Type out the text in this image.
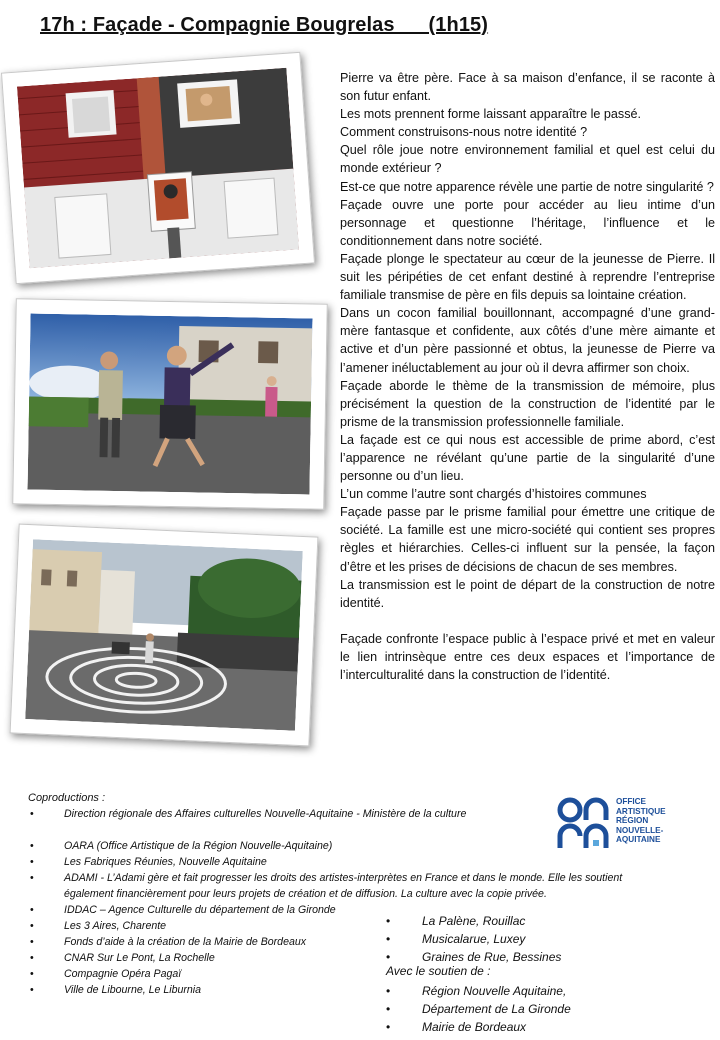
17h : Façade - Compagnie Bougrelas      (1h15)

Pierre va être père. Face à sa maison d’enfance, il se raconte à son futur enfant.

Les mots prennent forme laissant apparaître le passé.

Comment construisons-nous notre identité ?

Quel rôle joue notre environnement familial et quel est celui du monde extérieur ?

Est-ce que notre apparence révèle une partie de notre singularité ?

Façade ouvre une porte pour accéder au lieu intime d’un personnage et questionne l’héritage, l’influence et le conditionnement dans notre société.

Façade plonge le spectateur au cœur de la jeunesse de Pierre. Il suit les péripéties de cet enfant destiné à reprendre l’entreprise familiale transmise de père en fils depuis sa lointaine création.

Dans un cocon familial bouillonnant, accompagné d’une grand-mère fantasque et confidente, aux côtés d’une mère aimante et active et d’un père passionné et obtus, la jeunesse de Pierre va l’amener inéluctablement au jour où il devra affirmer son choix.

Façade aborde le thème de la transmission de mémoire, plus précisément la question de la construction de l’identité par le prisme de la transmission professionnelle familiale.

La façade est ce qui nous est accessible de prime abord, c’est l’apparence ne révélant qu’une partie de la singularité d’une personne ou d’un lieu.

L’un comme l’autre sont chargés d’histoires communes

Façade passe par le prisme familial pour émettre une critique de société. La famille est une micro-société qui contient ses propres règles et hiérarchies. Celles-ci influent sur la pensée, la façon d’être et les prises de décisions de chacun de ses membres.

La transmission est le point de départ de la construction de notre identité.

Façade confronte l’espace public à l’espace privé et met en valeur le lien intrinsèque entre ces deux espaces et l’importance de l’interculturalité dans la construction de l’identité.

Coproductions :
• Direction régionale des Affaires culturelles Nouvelle-Aquitaine - Ministère de la culture
• OARA (Office Artistique de la Région Nouvelle-Aquitaine)
• Les Fabriques Réunies, Nouvelle Aquitaine
• ADAMI - L’Adami gère et fait progresser les droits des artistes-interprètes en France et dans le monde. Elle les soutient également financièrement pour leurs projets de création et de diffusion. La culture avec la copie privée.
• IDDAC – Agence Culturelle du département de la Gironde
• Les 3 Aires, Charente
• Fonds d’aide à la création de la Mairie de Bordeaux
• CNAR Sur Le Pont, La Rochelle
• Compagnie Opéra Pagaï
• Ville de Libourne, Le Liburnia
• La Palène, Rouillac
• Musicalarue, Luxey
• Graines de Rue, Bessines
Avec le soutien de :
• Région Nouvelle Aquitaine,
• Département de La Gironde
• Mairie de Bordeaux
OFFICE
ARTISTIQUE
RÉGION
NOUVELLE-
AQUITAINE
